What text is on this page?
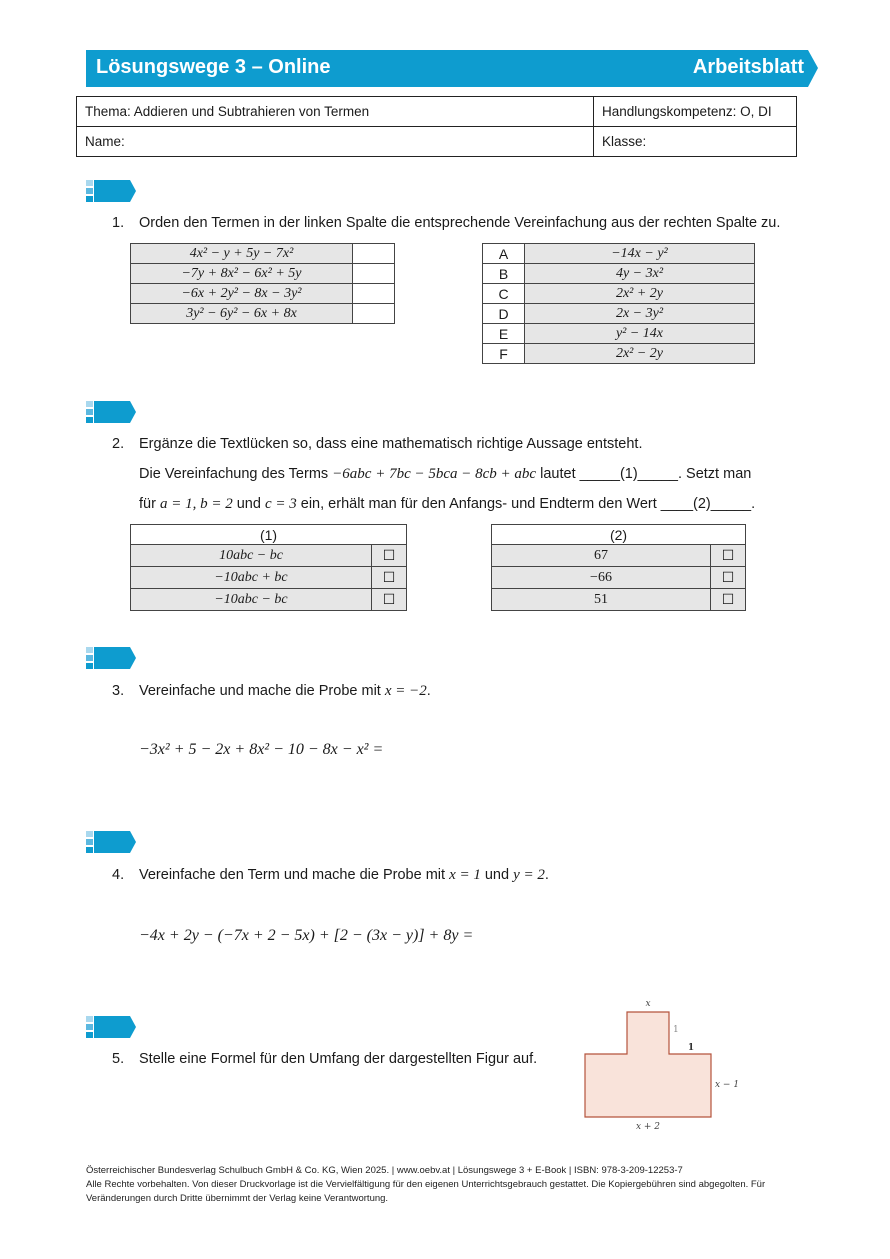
Lösungswege 3 – Online	Arbeitsblatt
Thema: Addieren und Subtrahieren von Termen	Handlungskompetenz: O, DI
Name:	Klasse:
1. Orden den Termen in der linken Spalte die entsprechende Vereinfachung aus der rechten Spalte zu.
4x² − y + 5y − 7x²	
−7y + 8x² − 6x² + 5y	
−6x + 2y² − 8x − 3y²	
3y² − 6y² − 6x + 8x	
A	−14x − y²
B	4y − 3x²
C	2x² + 2y
D	2x − 3y²
E	y² − 14x
F	2x² − 2y
2. Ergänze die Textlücken so, dass eine mathematisch richtige Aussage entsteht.
Die Vereinfachung des Terms −6abc + 7bc − 5bca − 8cb + abc lautet _____(1)_____. Setzt man
für a = 1, b = 2 und c = 3 ein, erhält man für den Anfangs- und Endterm den Wert ____(2)_____.
(1)	
10abc − bc	☐
−10abc + bc	☐
−10abc − bc	☐
(2)	
67	☐
−66	☐
51	☐
3. Vereinfache und mache die Probe mit x = −2.
−3x² + 5 − 2x + 8x² − 10 − 8x − x² =
4. Vereinfache den Term und mache die Probe mit x = 1 und y = 2.
−4x + 2y − (−7x + 2 − 5x) + [2 − (3x − y)] + 8y =
5. Stelle eine Formel für den Umfang der dargestellten Figur auf.
x
1
1
x − 1
x + 2
Österreichischer Bundesverlag Schulbuch GmbH & Co. KG, Wien 2025. | www.oebv.at | Lösungswege 3 + E-Book | ISBN: 978-3-209-12253-7
Alle Rechte vorbehalten. Von dieser Druckvorlage ist die Vervielfältigung für den eigenen Unterrichtsgebrauch gestattet. Die Kopiergebühren sind abgegolten. Für
Veränderungen durch Dritte übernimmt der Verlag keine Verantwortung.
